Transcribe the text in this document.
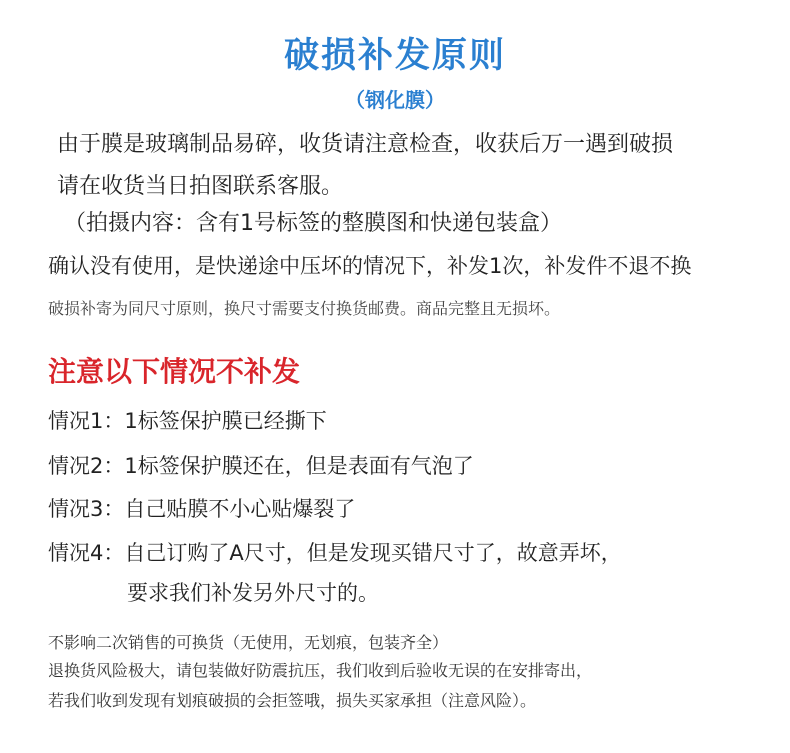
破损补发原则
（钢化膜）
由于膜是玻璃制品易碎，收货请注意检查，收获后万一遇到破损
请在收货当日拍图联系客服。
（拍摄内容：含有1号标签的整膜图和快递包装盒）
确认没有使用，是快递途中压坏的情况下，补发1次，补发件不退不换
破损补寄为同尺寸原则，换尺寸需要支付换货邮费。商品完整且无损坏。
注意以下情况不补发
情况1：1标签保护膜已经撕下
情况2：1标签保护膜还在，但是表面有气泡了
情况3：自己贴膜不小心贴爆裂了
情况4：自己订购了A尺寸，但是发现买错尺寸了，故意弄坏，
要求我们补发另外尺寸的。
不影响二次销售的可换货（无使用，无划痕，包装齐全）
退换货风险极大，请包装做好防震抗压，我们收到后验收无误的在安排寄出，
若我们收到发现有划痕破损的会拒签哦，损失买家承担（注意风险）。
